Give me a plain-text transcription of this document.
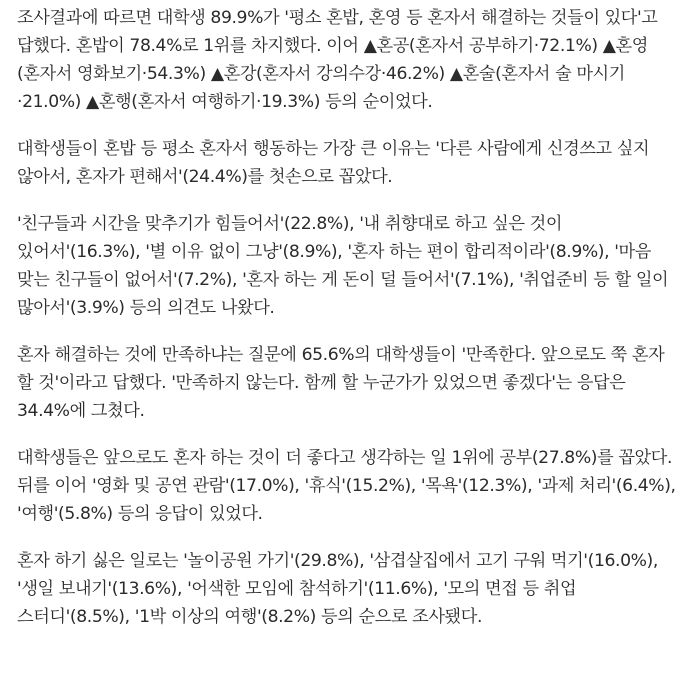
조사결과에 따르면 대학생 89.9%가 '평소 혼밥, 혼영 등 혼자서 해결하는 것들이 있다'고 답했다. 혼밥이 78.4%로 1위를 차지했다. 이어 ▲혼공(혼자서 공부하기·72.1%) ▲혼영(혼자서 영화보기·54.3%) ▲혼강(혼자서 강의수강·46.2%) ▲혼술(혼자서 술 마시기·21.0%) ▲혼행(혼자서 여행하기·19.3%) 등의 순이었다.

대학생들이 혼밥 등 평소 혼자서 행동하는 가장 큰 이유는 '다른 사람에게 신경쓰고 싶지 않아서, 혼자가 편해서'(24.4%)를 첫손으로 꼽았다.

'친구들과 시간을 맞추기가 힘들어서'(22.8%), '내 취향대로 하고 싶은 것이 있어서'(16.3%), '별 이유 없이 그냥'(8.9%), '혼자 하는 편이 합리적이라'(8.9%), '마음 맞는 친구들이 없어서'(7.2%), '혼자 하는 게 돈이 덜 들어서'(7.1%), '취업준비 등 할 일이 많아서'(3.9%) 등의 의견도 나왔다.

혼자 해결하는 것에 만족하냐는 질문에 65.6%의 대학생들이 '만족한다. 앞으로도 쭉 혼자 할 것'이라고 답했다. '만족하지 않는다. 함께 할 누군가가 있었으면 좋겠다'는 응답은 34.4%에 그쳤다.

대학생들은 앞으로도 혼자 하는 것이 더 좋다고 생각하는 일 1위에 공부(27.8%)를 꼽았다. 뒤를 이어 '영화 및 공연 관람'(17.0%), '휴식'(15.2%), '목욕'(12.3%), '과제 처리'(6.4%), '여행'(5.8%) 등의 응답이 있었다.

혼자 하기 싫은 일로는 '놀이공원 가기'(29.8%), '삼겹살집에서 고기 구워 먹기'(16.0%), '생일 보내기'(13.6%), '어색한 모임에 참석하기'(11.6%), '모의 면접 등 취업 스터디'(8.5%), '1박 이상의 여행'(8.2%) 등의 순으로 조사됐다.
